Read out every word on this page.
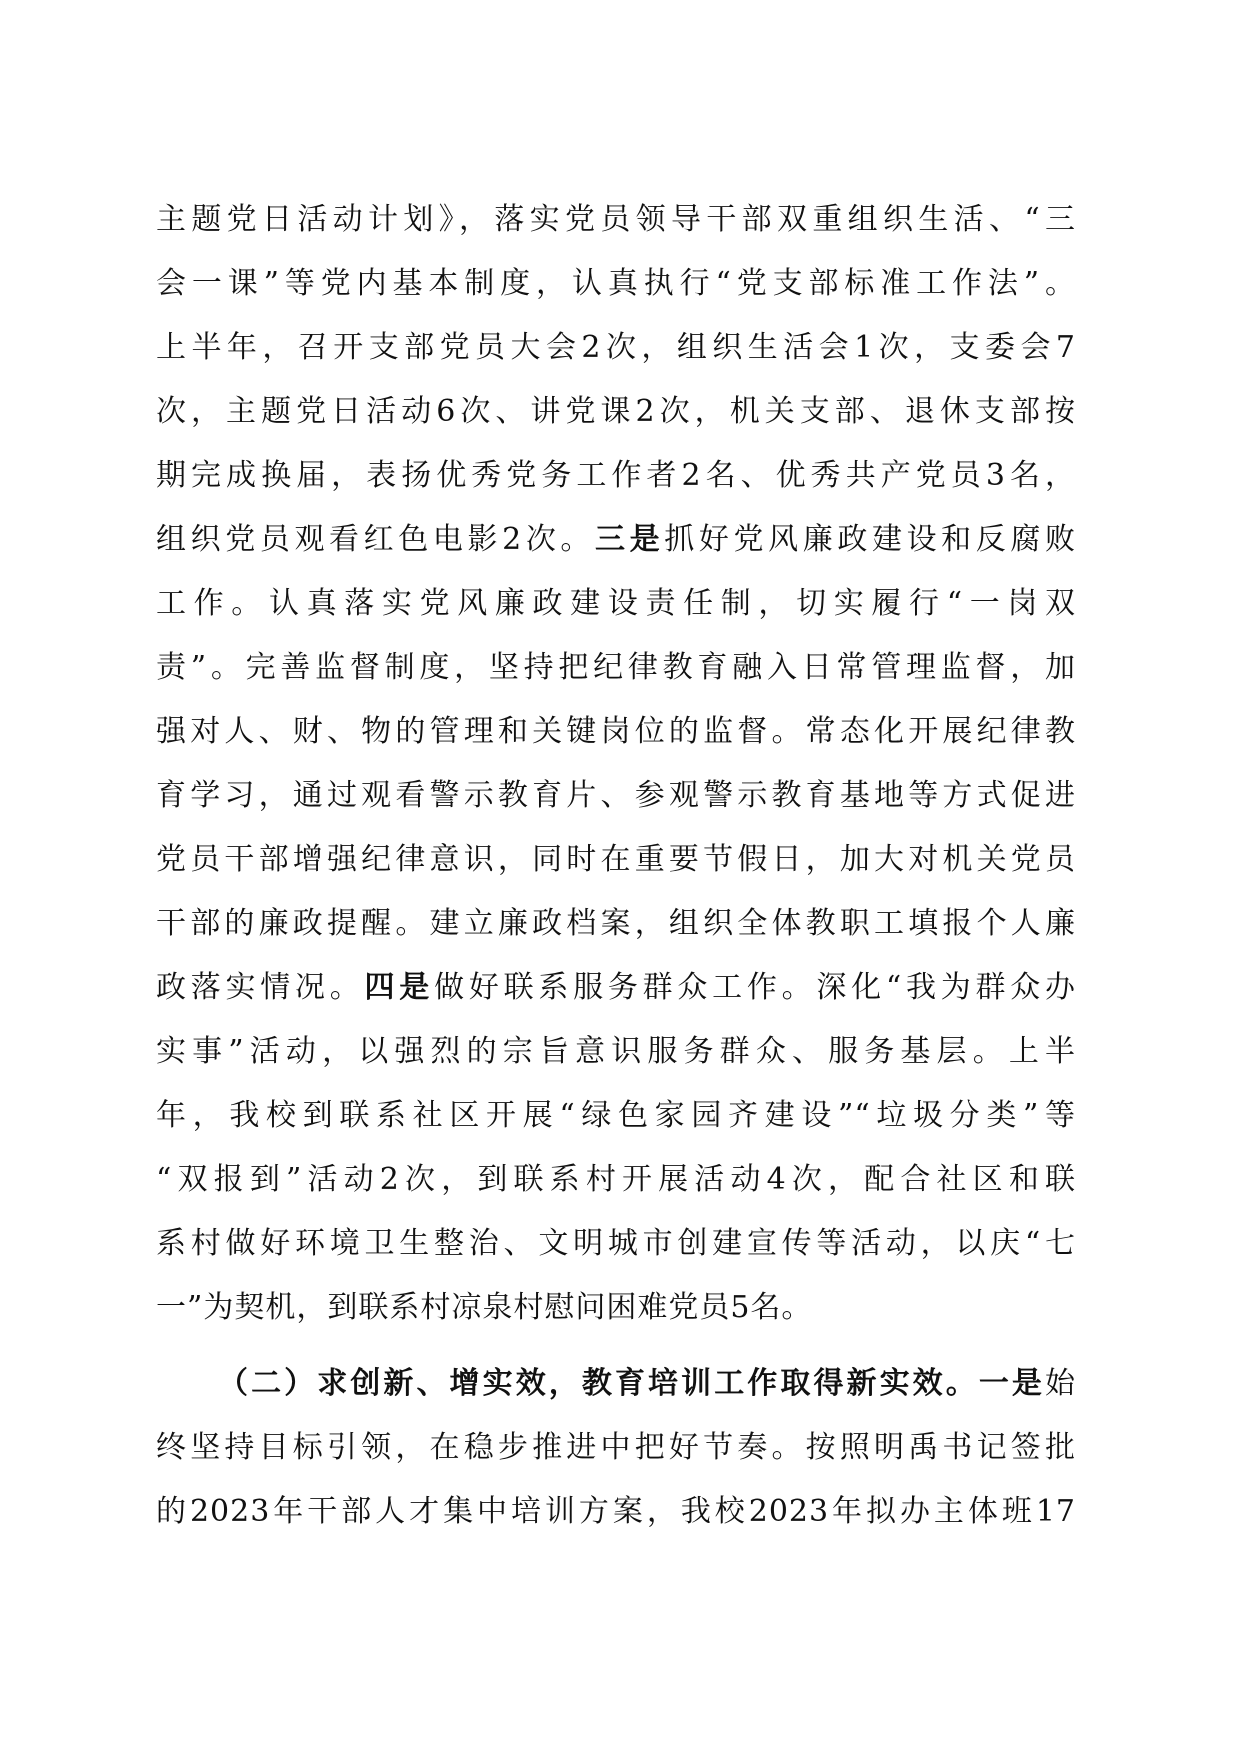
主题党日活动计划》，落实党员领导干部双重组织生活、“三
会一课”等党内基本制度，认真执行“党支部标准工作法”。
上半年，召开支部党员大会2次，组织生活会1次，支委会7
次，主题党日活动6次、讲党课2次，机关支部、退休支部按
期完成换届，表扬优秀党务工作者2名、优秀共产党员3名，
组织党员观看红色电影2次。三是抓好党风廉政建设和反腐败
工作。认真落实党风廉政建设责任制，切实履行“一岗双
责”。完善监督制度，坚持把纪律教育融入日常管理监督，加
强对人、财、物的管理和关键岗位的监督。常态化开展纪律教
育学习，通过观看警示教育片、参观警示教育基地等方式促进
党员干部增强纪律意识，同时在重要节假日，加大对机关党员
干部的廉政提醒。建立廉政档案，组织全体教职工填报个人廉
政落实情况。四是做好联系服务群众工作。深化“我为群众办
实事”活动，以强烈的宗旨意识服务群众、服务基层。上半
年，我校到联系社区开展“绿色家园齐建设”“垃圾分类”等
“双报到”活动2次，到联系村开展活动4次，配合社区和联
系村做好环境卫生整治、文明城市创建宣传等活动，以庆“七
一”为契机，到联系村凉泉村慰问困难党员5名。
（二）求创新、增实效，教育培训工作取得新实效。一是始
终坚持目标引领，在稳步推进中把好节奏。按照明禹书记签批
的2023年干部人才集中培训方案，我校2023年拟办主体班17
